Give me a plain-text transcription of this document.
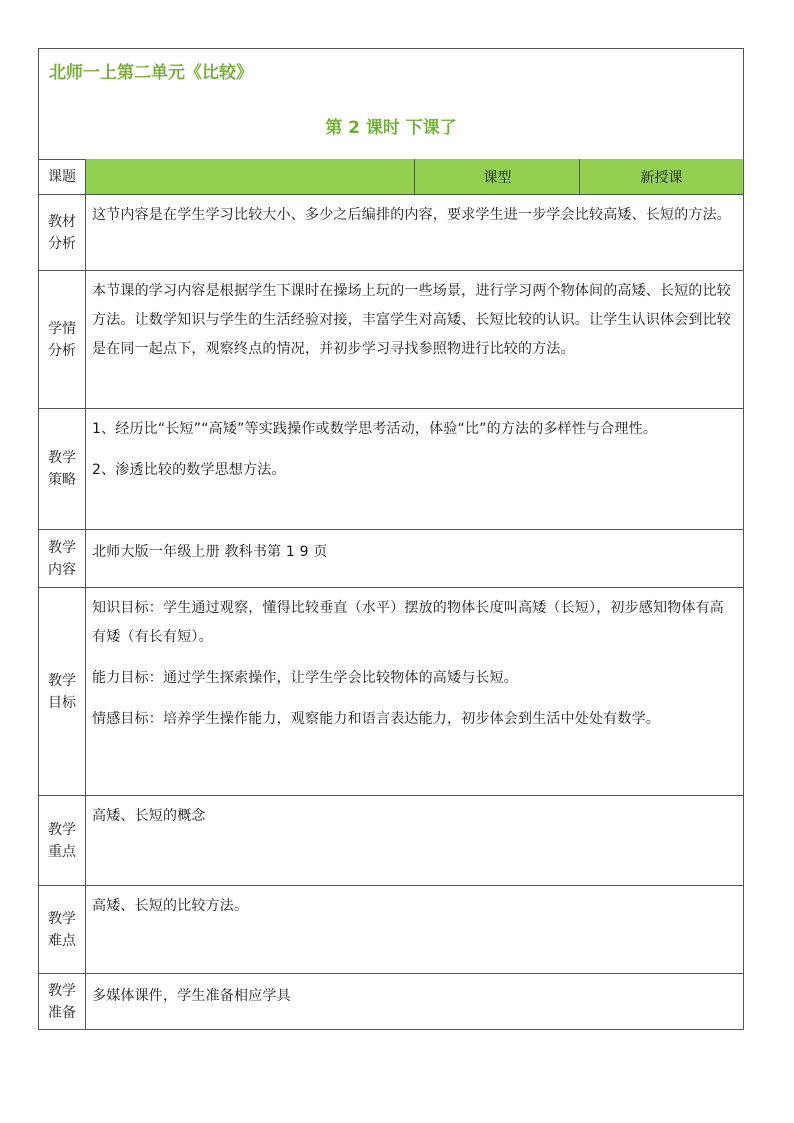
北师一上第二单元《比较》
第 2 课时 下课了
课题	课型	新授课
教材分析

这节内容是在学生学习比较大小、多少之后编排的内容，要求学生进一步学会比较高矮、长短的方法。

学情分析

本节课的学习内容是根据学生下课时在操场上玩的一些场景，进行学习两个物体间的高矮、长短的比较方法。让数学知识与学生的生活经验对接，丰富学生对高矮、长短比较的认识。让学生认识体会到比较是在同一起点下，观察终点的情况，并初步学习寻找参照物进行比较的方法。

教学策略

1、经历比“长短”“高矮”等实践操作或数学思考活动，体验“比”的方法的多样性与合理性。

2、渗透比较的数学思想方法。

教学内容

北师大版一年级上册 教科书第 1 9 页

教学目标

知识目标：学生通过观察，懂得比较垂直（水平）摆放的物体长度叫高矮（长短），初步感知物体有高有矮（有长有短）。

能力目标：通过学生探索操作，让学生学会比较物体的高矮与长短。

情感目标：培养学生操作能力，观察能力和语言表达能力，初步体会到生活中处处有数学。

教学重点

高矮、长短的概念

教学难点

高矮、长短的比较方法。

教学准备

多媒体课件，学生准备相应学具
